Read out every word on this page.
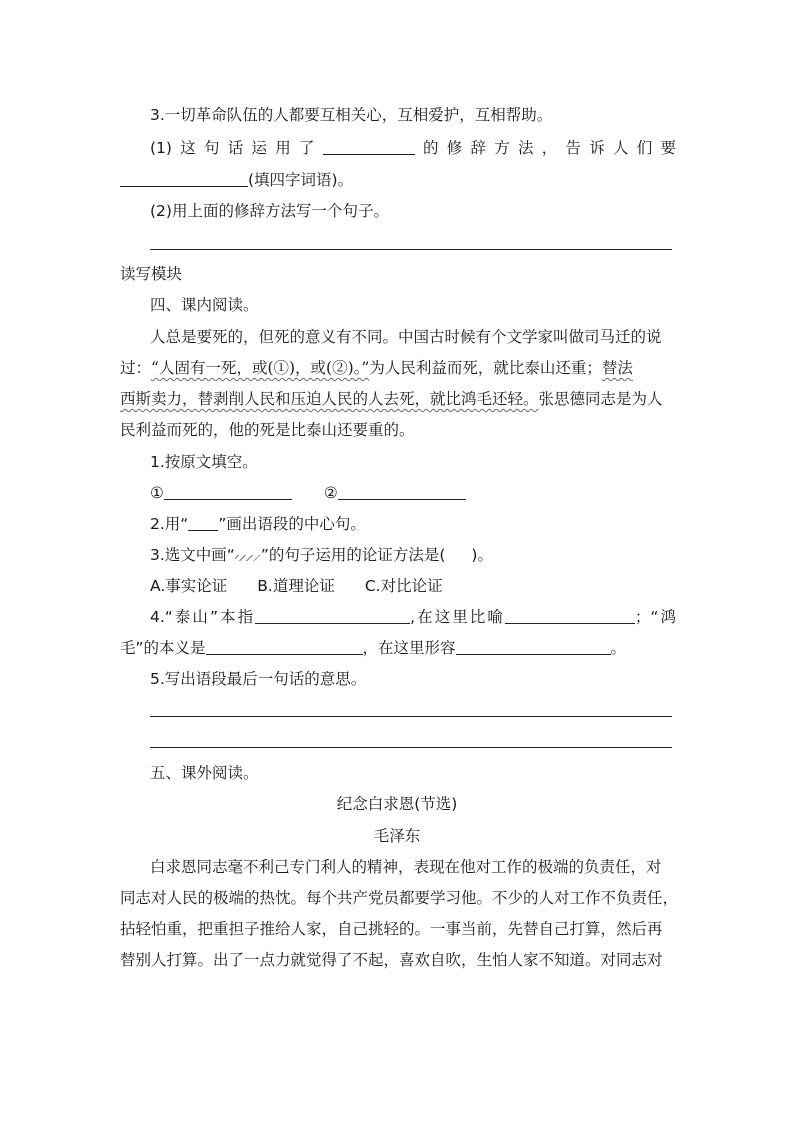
3.一切革命队伍的人都要互相关心，互相爱护，互相帮助。
(1)这句话运用了	的修辞方法，告诉人们要
(填四字词语)。
(2)用上面的修辞方法写一个句子。
读写模块
四、课内阅读。
人总是要死的，但死的意义有不同。中国古时候有个文学家叫做司马迁的说
过：“人固有一死，或(①)，或(②)。”为人民利益而死，就比泰山还重；替法
西斯卖力，替剥削人民和压迫人民的人去死，就比鸿毛还轻。张思德同志是为人
民利益而死的，他的死是比泰山还要重的。
1.按原文填空。
①	②
2.用“ ”画出语段的中心句。
3.选文中画“ ”的句子运用的论证方法是( )。
A.事实论证 B.道理论证 C.对比论证
4.“泰山”本指	,在这里比喻	；“鸿
毛”的本义是	，在这里形容	。
5.写出语段最后一句话的意思。
五、课外阅读。
纪念白求恩(节选)
毛泽东
白求恩同志毫不利己专门利人的精神，表现在他对工作的极端的负责任，对
同志对人民的极端的热忱。每个共产党员都要学习他。不少的人对工作不负责任，
拈轻怕重，把重担子推给人家，自己挑轻的。一事当前，先替自己打算，然后再
替别人打算。出了一点力就觉得了不起，喜欢自吹，生怕人家不知道。对同志对
